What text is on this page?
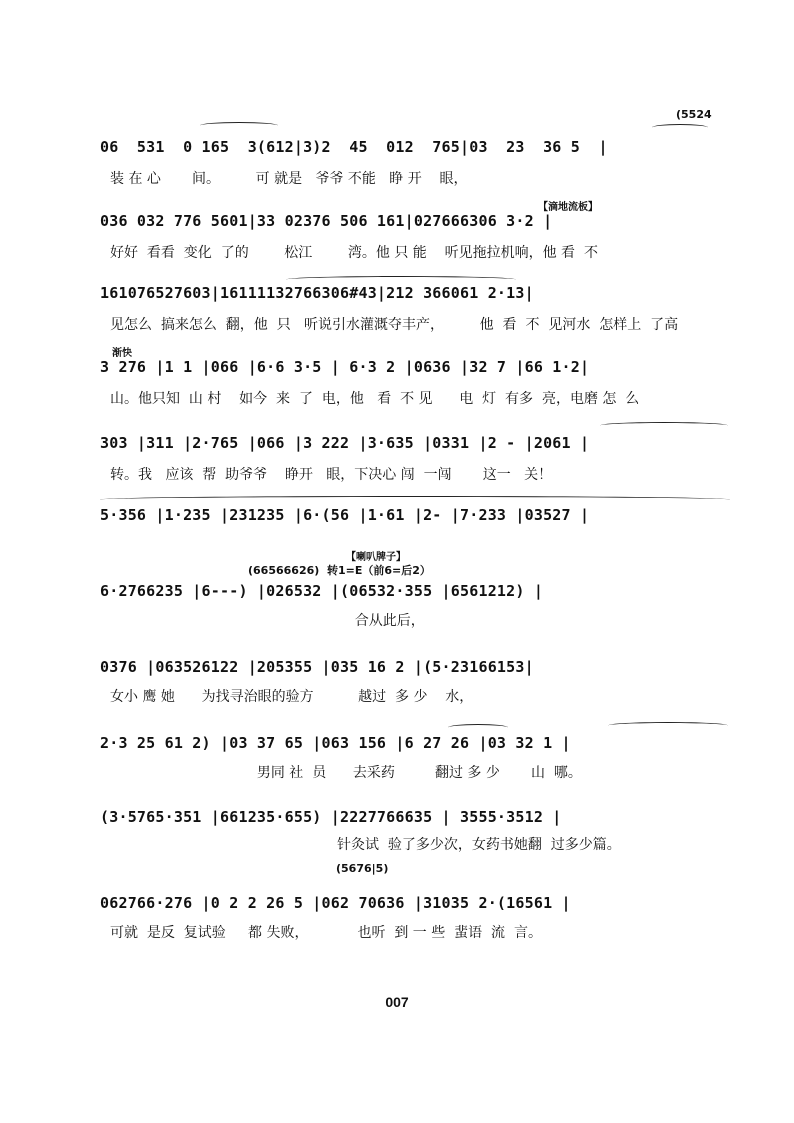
(5524
06  531  0 165  3(612|3)2  45  012  765|03  23  36 5  |
装 在 心       间。        可 就是   爷爷 不能   睁 开    眼，
【滴地流板】
036 032 776 5601|33 02376 506 161|027666306 3·2 |
好好  看看  变化  了的        松江        湾。他 只 能    听见拖拉机响，他 看  不
161076527603|16111132766306#43|212 366061 2·13|
见怎么  搞来怎么  翻，他  只   听说引水灌溉夺丰产，        他  看  不  见河水  怎样上  了高
渐快
3 276 |1 1 |066 |6·6 3·5 | 6·3 2 |0636 |32 7 |66 1·2|
山。他只知  山 村    如今  来  了  电，他   看  不 见      电  灯  有多  亮，电磨 怎  么
303 |311 |2·765 |066 |3 222 |3·635 |0331 |2 - |2061 |
转。我   应该  帮  助爷爷    睁开   眼，下决心 闯  一闯       这一   关！
5·356 |1·235 |231235 |6·(56 |1·61 |2- |7·233 |03527 |
【喇叭牌子】
(66566626)  转1=E（前6=后2）
6·2766235 |6---) |026532 |(06532·355 |6561212) |
合从此后，
0376 |063526122 |205355 |035 16 2 |(5·23166153|
女小 鹰 她      为找寻治眼的验方          越过  多 少    水，
2·3 25 61 2) |03 37 65 |063 156 |6 27 26 |03 32 1 |
男同 社  员      去采药         翻过 多 少       山  哪。
(3·5765·351 |661235·655) |2227766635 | 3555·3512 |
针灸试  验了多少次，女药书她翻  过多少篇。
(5676|5)
062766·276 |0 2 2 26 5 |062 70636 |31035 2·(16561 |
可就  是反  复试验     都 失败，           也听  到 一 些  蜚语  流  言。
007
